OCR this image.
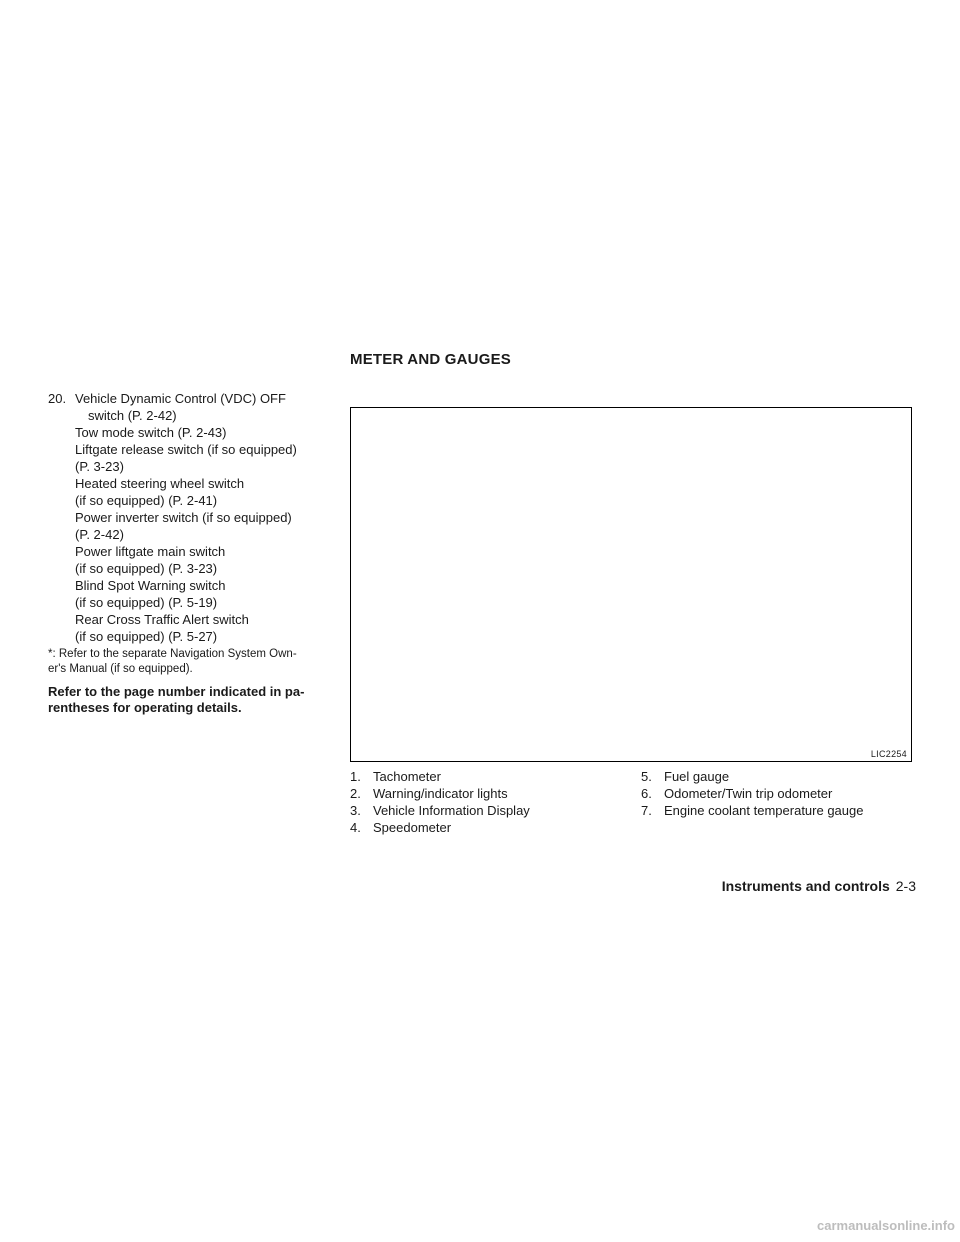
METER AND GAUGES
20. Vehicle Dynamic Control (VDC) OFF
switch (P. 2-42)
Tow mode switch (P. 2-43)
Liftgate release switch (if so equipped)
(P. 3-23)
Heated steering wheel switch
(if so equipped) (P. 2-41)
Power inverter switch (if so equipped)
(P. 2-42)
Power liftgate main switch
(if so equipped) (P. 3-23)
Blind Spot Warning switch
(if so equipped) (P. 5-19)
Rear Cross Traffic Alert switch
(if so equipped) (P. 5-27)
*: Refer to the separate Navigation System Own-
er's Manual (if so equipped).
Refer to the page number indicated in pa-
rentheses for operating details.
LIC2254
1. Tachometer
2. Warning/indicator lights
3. Vehicle Information Display
4. Speedometer
5. Fuel gauge
6. Odometer/Twin trip odometer
7. Engine coolant temperature gauge
Instruments and controls 2-3
carmanualsonline.info
